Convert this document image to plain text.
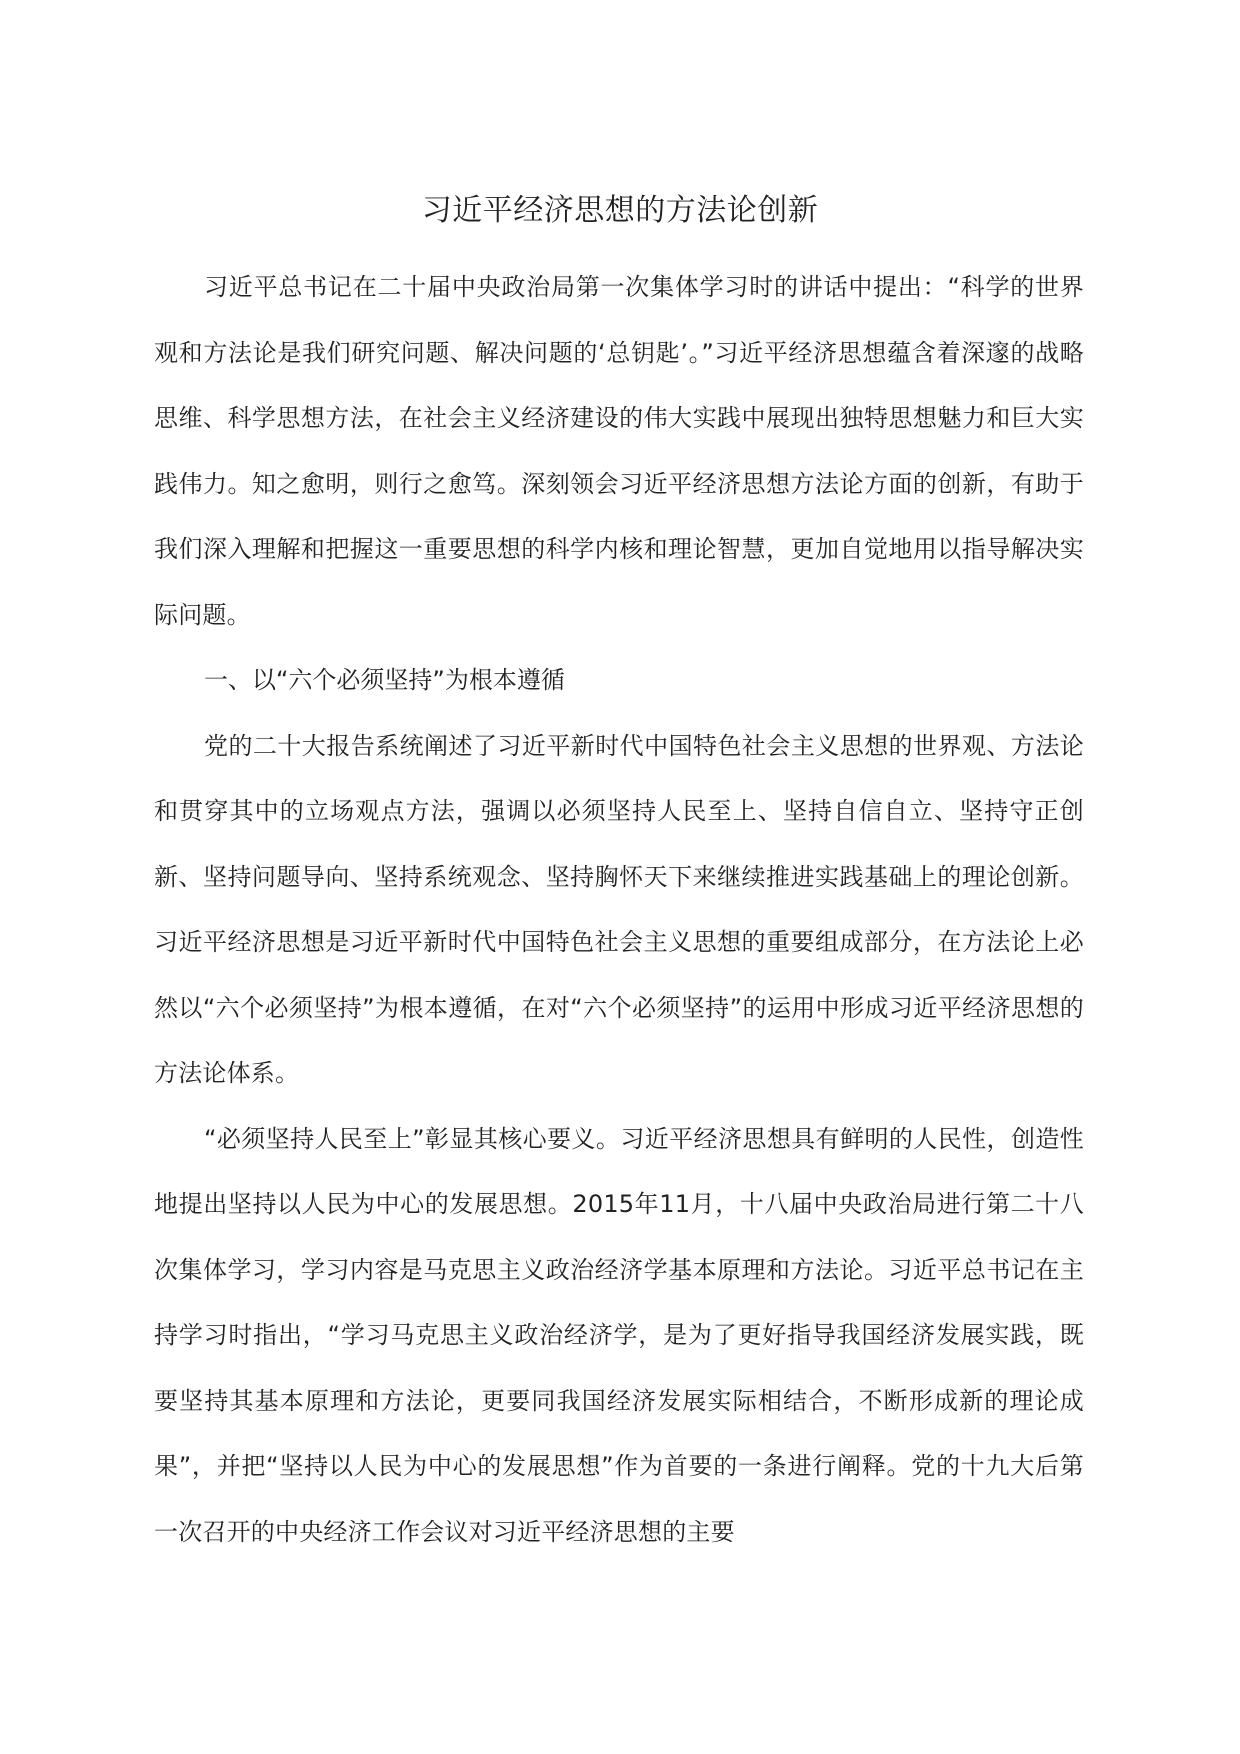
习近平经济思想的方法论创新

习近平总书记在二十届中央政治局第一次集体学习时的讲话中提出：“科学的世界观和方法论是我们研究问题、解决问题的‘总钥匙’。”习近平经济思想蕴含着深邃的战略思维、科学思想方法，在社会主义经济建设的伟大实践中展现出独特思想魅力和巨大实践伟力。知之愈明，则行之愈笃。深刻领会习近平经济思想方法论方面的创新，有助于我们深入理解和把握这一重要思想的科学内核和理论智慧，更加自觉地用以指导解决实际问题。

一、以“六个必须坚持”为根本遵循

党的二十大报告系统阐述了习近平新时代中国特色社会主义思想的世界观、方法论和贯穿其中的立场观点方法，强调以必须坚持人民至上、坚持自信自立、坚持守正创新、坚持问题导向、坚持系统观念、坚持胸怀天下来继续推进实践基础上的理论创新。习近平经济思想是习近平新时代中国特色社会主义思想的重要组成部分，在方法论上必然以“六个必须坚持”为根本遵循，在对“六个必须坚持”的运用中形成习近平经济思想的方法论体系。

“必须坚持人民至上”彰显其核心要义。习近平经济思想具有鲜明的人民性，创造性地提出坚持以人民为中心的发展思想。2015年11月，十八届中央政治局进行第二十八次集体学习，学习内容是马克思主义政治经济学基本原理和方法论。习近平总书记在主持学习时指出，“学习马克思主义政治经济学，是为了更好指导我国经济发展实践，既要坚持其基本原理和方法论，更要同我国经济发展实际相结合，不断形成新的理论成果”，并把“坚持以人民为中心的发展思想”作为首要的一条进行阐释。党的十九大后第一次召开的中央经济工作会议对习近平经济思想的主要
